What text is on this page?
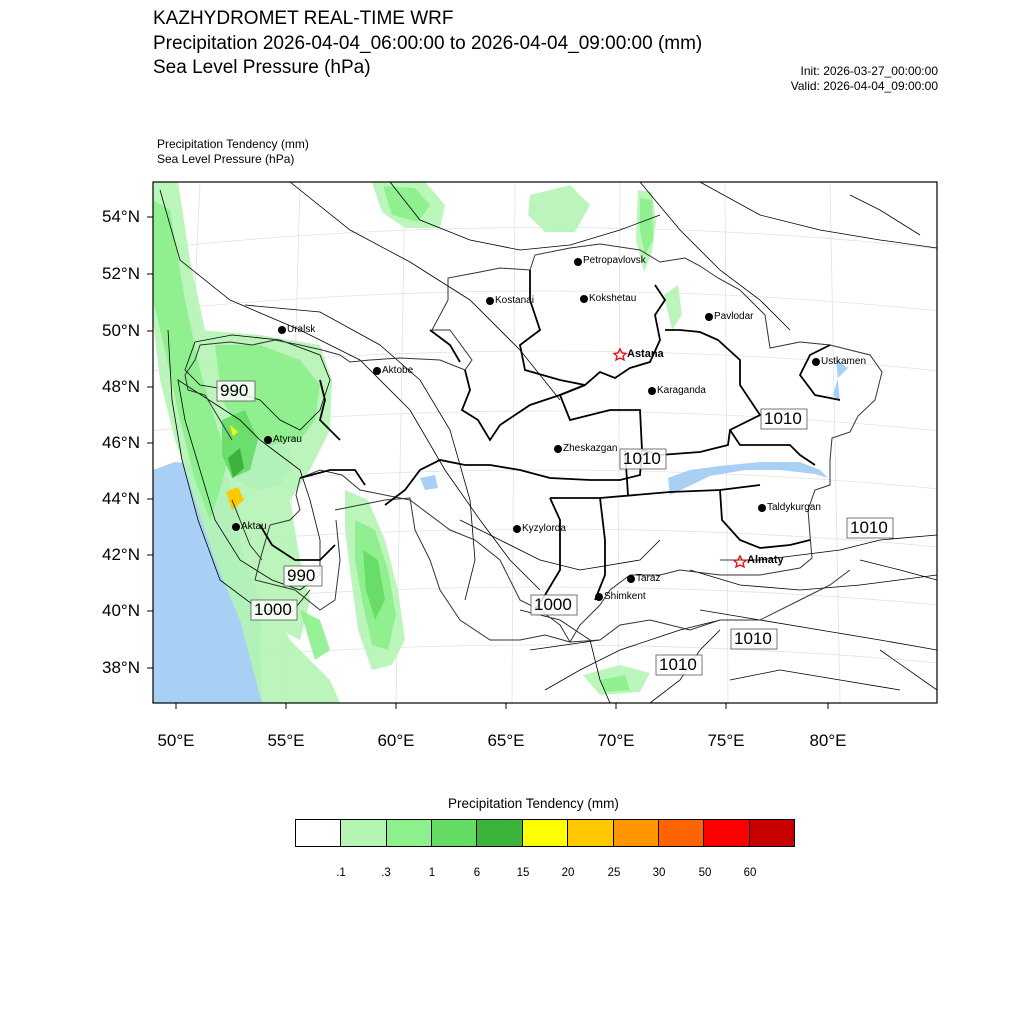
KAZHYDROMET REAL-TIME WRF
Precipitation 2026-04-04_06:00:00 to 2026-04-04_09:00:00 (mm)
Sea Level Pressure (hPa)	Init: 2026-03-27_00:00:00
Valid: 2026-04-04_09:00:00
Precipitation Tendency (mm)
Sea Level Pressure (hPa)
Petropavlovsk
Kostanai	Kokshetau
Pavlodar
Uralsk
Aktobe
Astana
Ustkamen
Karaganda
Atyrau
Zheskazgan
Aktau
Taldykurgan
Kyzylorda
Almaty
Taraz
Shimkent
990
990
1000	1000
1010
1010
1010
1010
1010
54°N
52°N
50°N
48°N
46°N
44°N
42°N
40°N
38°N
50°E	55°E	60°E	65°E	70°E	75°E	80°E
Precipitation Tendency (mm)
.1	.3	1	6	15	20	25	30	50	60
